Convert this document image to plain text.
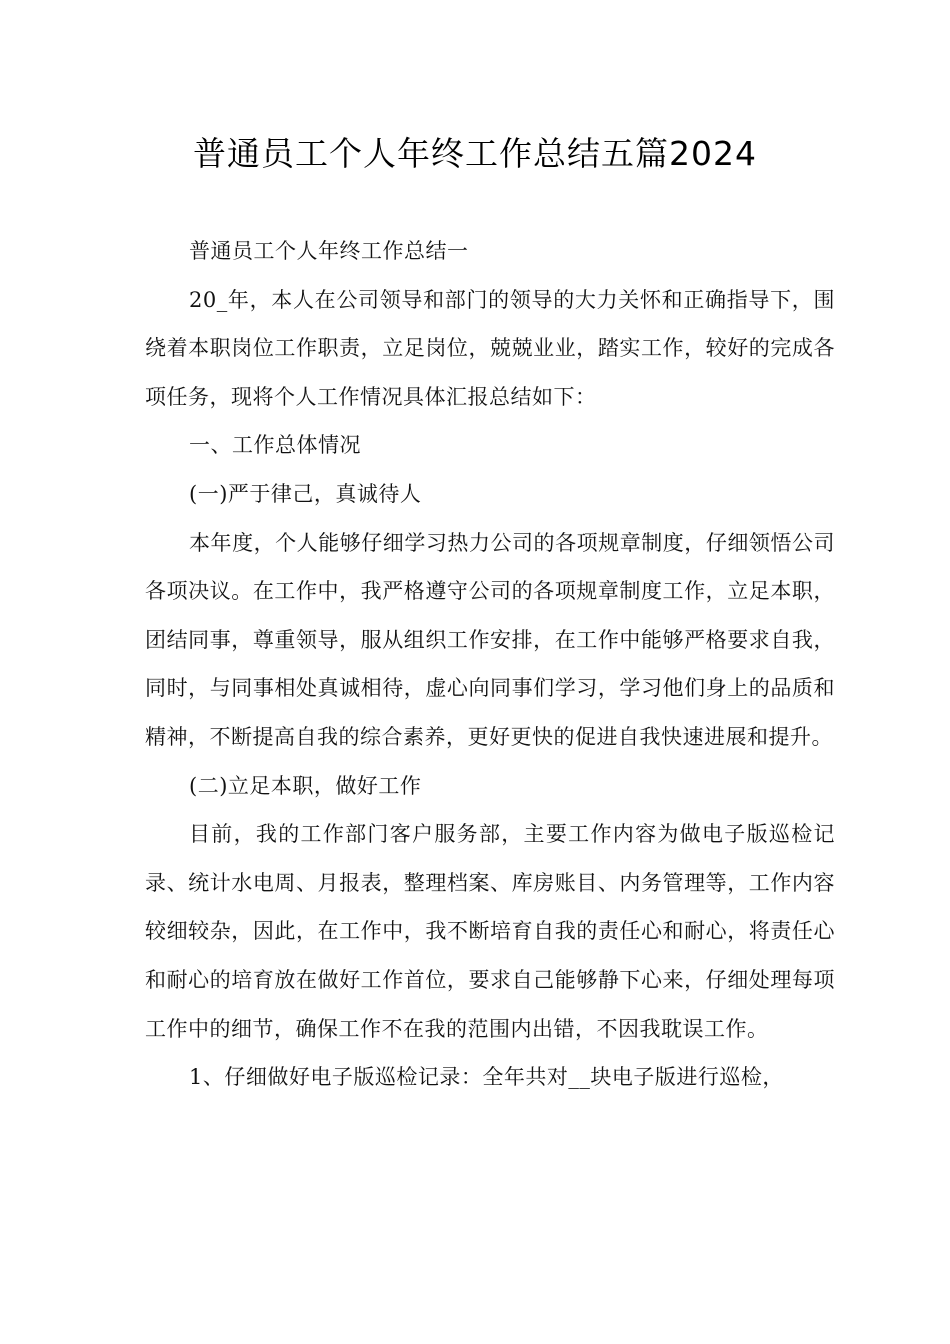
普通员工个人年终工作总结五篇2024

普通员工个人年终工作总结一

20_年，本人在公司领导和部门的领导的大力关怀和正确指导下，围绕着本职岗位工作职责，立足岗位，兢兢业业，踏实工作，较好的完成各项任务，现将个人工作情况具体汇报总结如下：

一、工作总体情况

(一)严于律己，真诚待人

本年度，个人能够仔细学习热力公司的各项规章制度，仔细领悟公司各项决议。在工作中，我严格遵守公司的各项规章制度工作，立足本职，团结同事，尊重领导，服从组织工作安排，在工作中能够严格要求自我，同时，与同事相处真诚相待，虚心向同事们学习，学习他们身上的品质和精神，不断提高自我的综合素养，更好更快的促进自我快速进展和提升。

(二)立足本职，做好工作

目前，我的工作部门客户服务部，主要工作内容为做电子版巡检记录、统计水电周、月报表，整理档案、库房账目、内务管理等，工作内容较细较杂，因此，在工作中，我不断培育自我的责任心和耐心，将责任心和耐心的培育放在做好工作首位，要求自己能够静下心来，仔细处理每项工作中的细节，确保工作不在我的范围内出错，不因我耽误工作。

1、仔细做好电子版巡检记录：全年共对__块电子版进行巡检，
